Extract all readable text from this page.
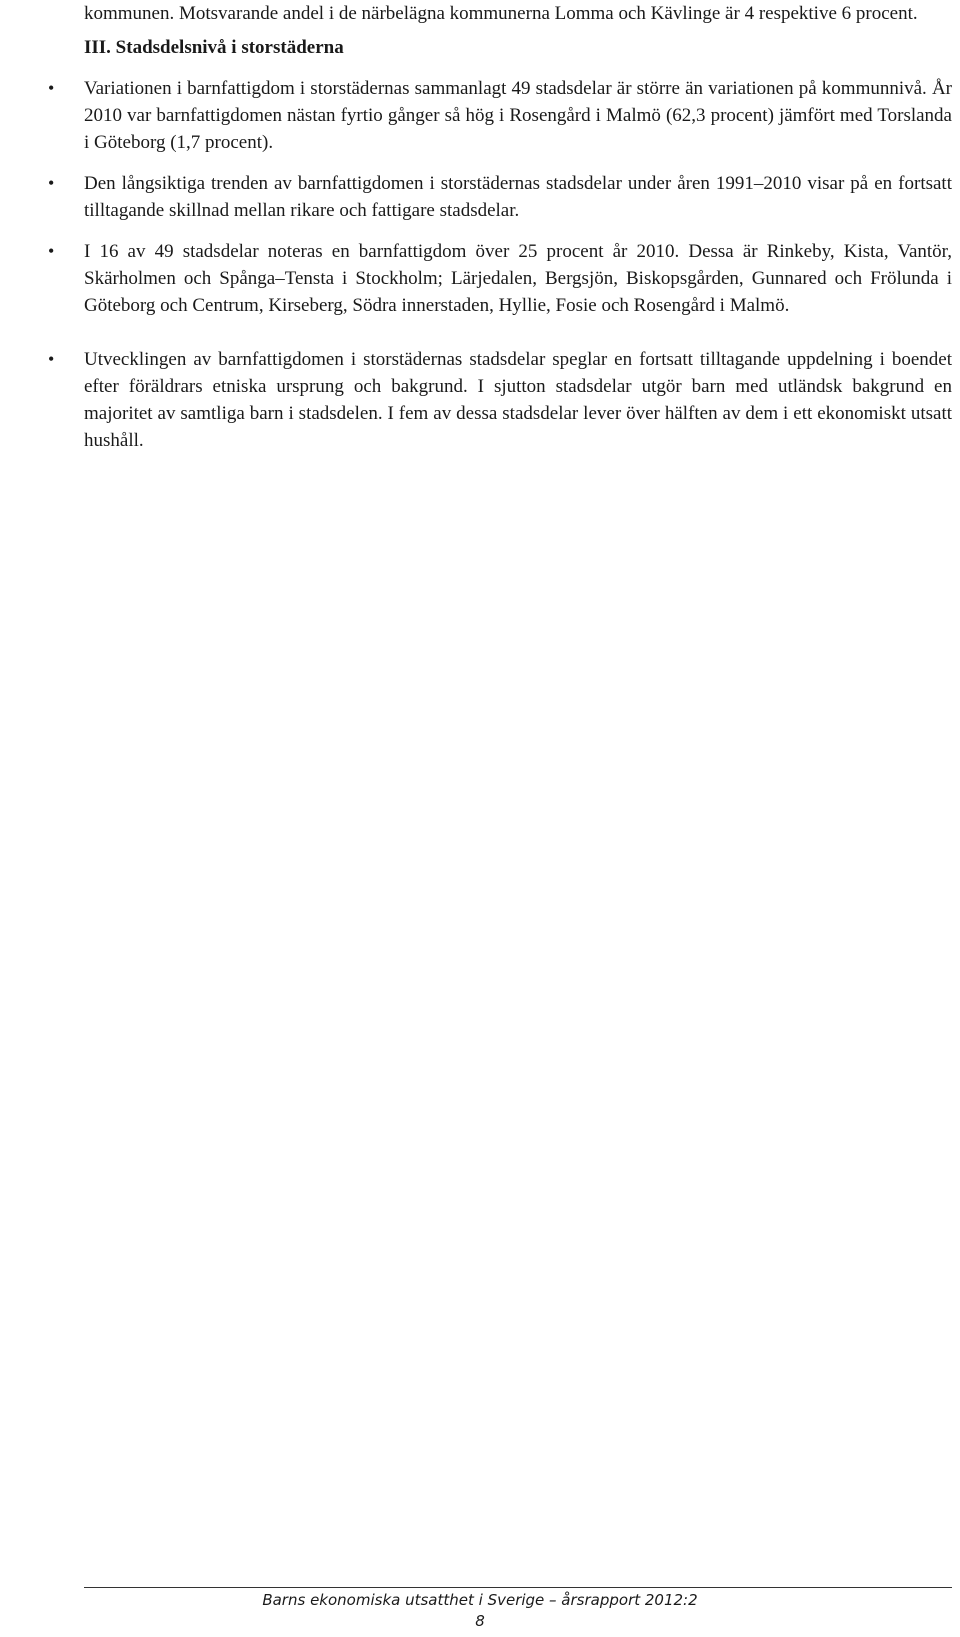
kommunen. Motsvarande andel i de närbelägna kommunerna Lomma och Kävlinge är 4 respektive 6 procent.

III. Stadsdelsnivå i storstäderna
• Variationen i barnfattigdom i storstädernas sammanlagt 49 stadsdelar är större än variationen på kommunnivå. År 2010 var barnfattigdomen nästan fyrtio gånger så hög i Rosengård i Malmö (62,3 procent) jämfört med Torslanda i Göteborg (1,7 procent).
• Den långsiktiga trenden av barnfattigdomen i storstädernas stadsdelar under åren 1991–2010 visar på en fortsatt tilltagande skillnad mellan rikare och fattigare stadsdelar.
• I 16 av 49 stadsdelar noteras en barnfattigdom över 25 procent år 2010. Dessa är Rinkeby, Kista, Vantör, Skärholmen och Spånga–Tensta i Stockholm; Lärjedalen, Bergsjön, Biskopsgården, Gunnared och Frölunda i Göteborg och Centrum, Kirseberg, Södra innerstaden, Hyllie, Fosie och Rosengård i Malmö.
• Utvecklingen av barnfattigdomen i storstädernas stadsdelar speglar en fortsatt tilltagande uppdelning i boendet efter föräldrars etniska ursprung och bakgrund. I sjutton stadsdelar utgör barn med utländsk bakgrund en majoritet av samtliga barn i stadsdelen. I fem av dessa stadsdelar lever över hälften av dem i ett ekonomiskt utsatt hushåll.
Barns ekonomiska utsatthet i Sverige – årsrapport 2012:2
8
